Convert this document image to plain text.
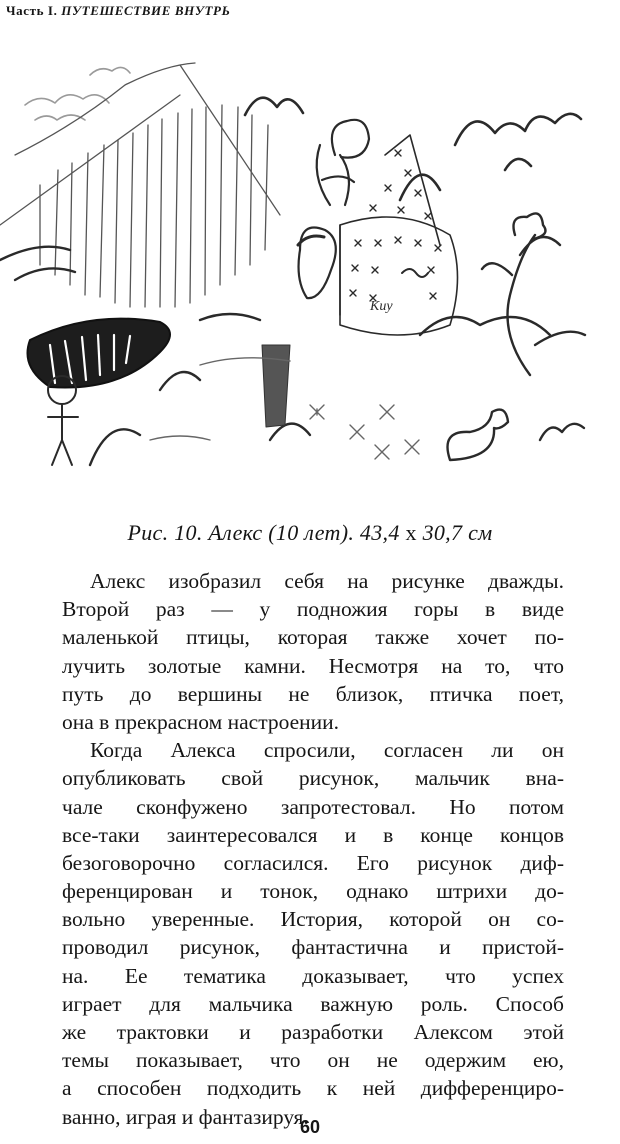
Часть I. ПУТЕШЕСТВИЕ ВНУТРЬ
Kuy
Рис. 10. Алекс (10 лет). 43,4 x 30,7 см
Алекс изобразил себя на рисунке дважды.
Второй раз — у подножия горы в виде
маленькой птицы, которая также хочет по-
лучить золотые камни. Несмотря на то, что
путь до вершины не близок, птичка поет,
она в прекрасном настроении.
Когда Алекса спросили, согласен ли он
опубликовать свой рисунок, мальчик вна-
чале сконфужено запротестовал. Но потом
все-таки заинтересовался и в конце концов
безоговорочно согласился. Его рисунок диф-
ференцирован и тонок, однако штрихи до-
вольно уверенные. История, которой он со-
проводил рисунок, фантастична и пристой-
на. Ее тематика доказывает, что успех
играет для мальчика важную роль. Способ
же трактовки и разработки Алексом этой
темы показывает, что он не одержим ею,
а способен подходить к ней дифференциро-
ванно, играя и фантазируя.
60
